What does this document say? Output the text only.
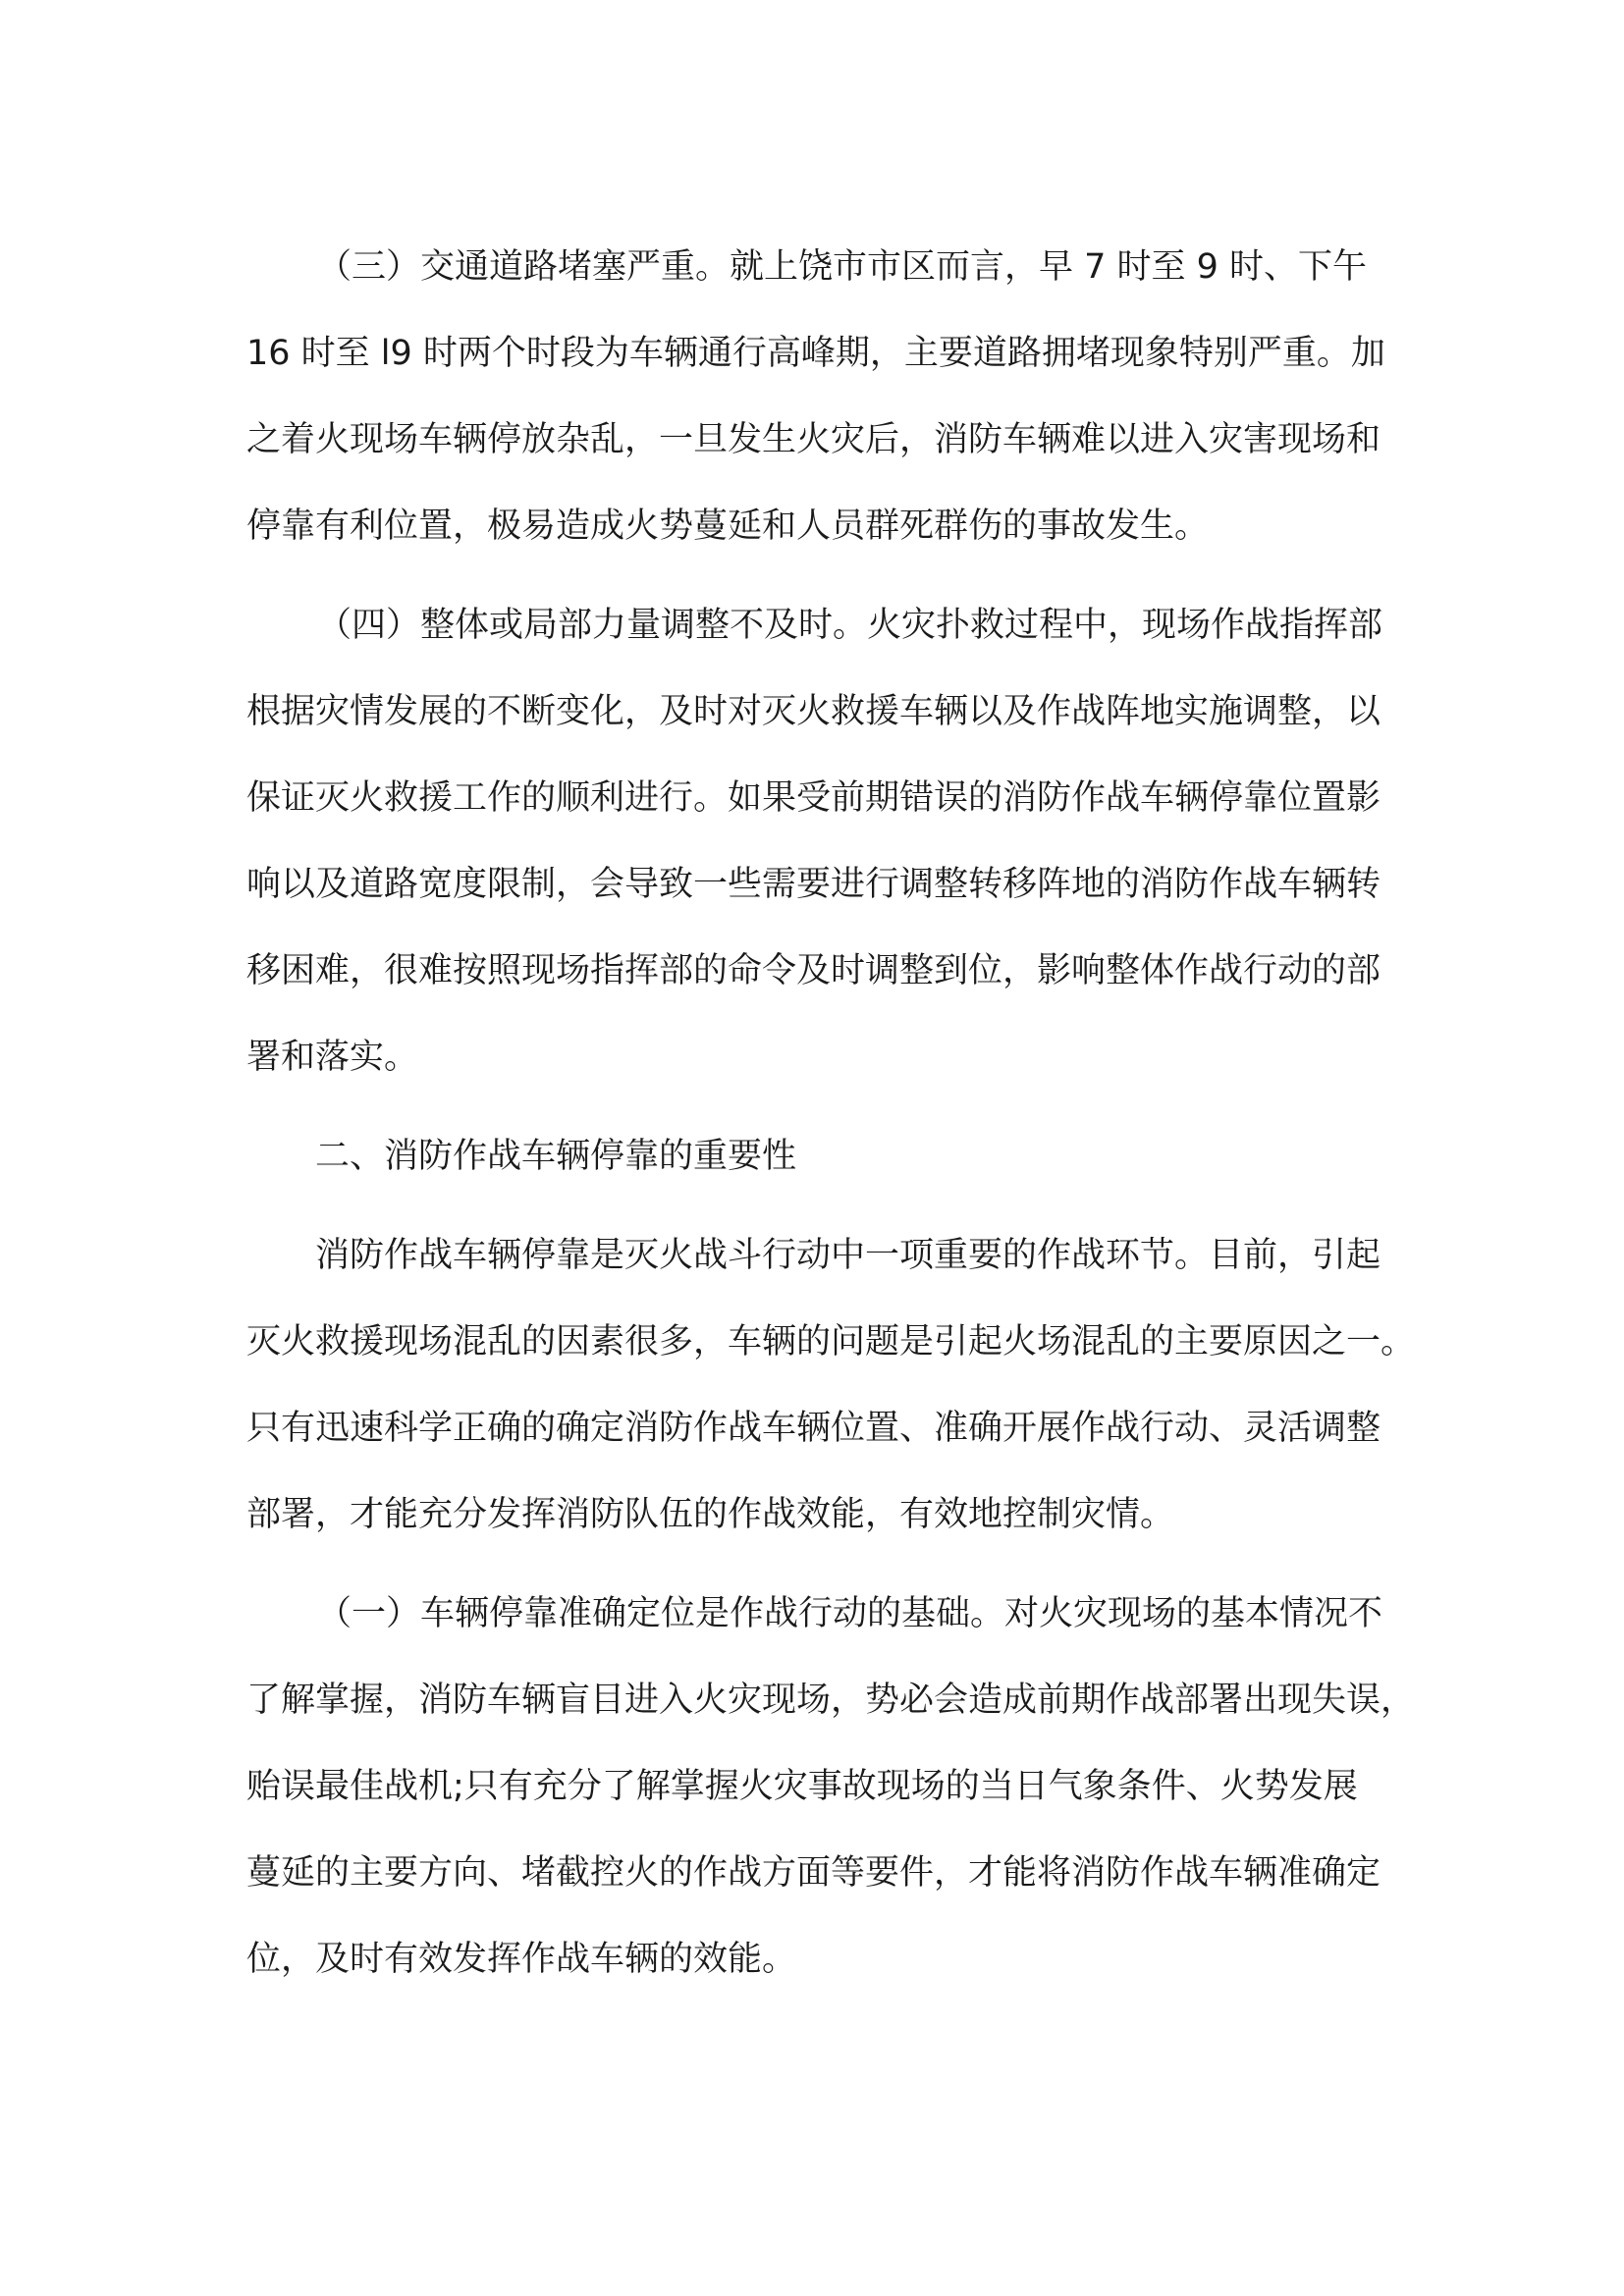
（三）交通道路堵塞严重。就上饶市市区而言，早 7 时至 9 时、下午
16 时至 l9 时两个时段为车辆通行高峰期，主要道路拥堵现象特别严重。加
之着火现场车辆停放杂乱，一旦发生火灾后，消防车辆难以进入灾害现场和
停靠有利位置，极易造成火势蔓延和人员群死群伤的事故发生。
（四）整体或局部力量调整不及时。火灾扑救过程中，现场作战指挥部
根据灾情发展的不断变化，及时对灭火救援车辆以及作战阵地实施调整，以
保证灭火救援工作的顺利进行。如果受前期错误的消防作战车辆停靠位置影
响以及道路宽度限制，会导致一些需要进行调整转移阵地的消防作战车辆转
移困难，很难按照现场指挥部的命令及时调整到位，影响整体作战行动的部
署和落实。
二、消防作战车辆停靠的重要性
消防作战车辆停靠是灭火战斗行动中一项重要的作战环节。目前，引起
灭火救援现场混乱的因素很多，车辆的问题是引起火场混乱的主要原因之一。
只有迅速科学正确的确定消防作战车辆位置、准确开展作战行动、灵活调整
部署，才能充分发挥消防队伍的作战效能，有效地控制灾情。
（一）车辆停靠准确定位是作战行动的基础。对火灾现场的基本情况不
了解掌握，消防车辆盲目进入火灾现场，势必会造成前期作战部署出现失误，
贻误最佳战机;只有充分了解掌握火灾事故现场的当日气象条件、火势发展
蔓延的主要方向、堵截控火的作战方面等要件，才能将消防作战车辆准确定
位，及时有效发挥作战车辆的效能。
